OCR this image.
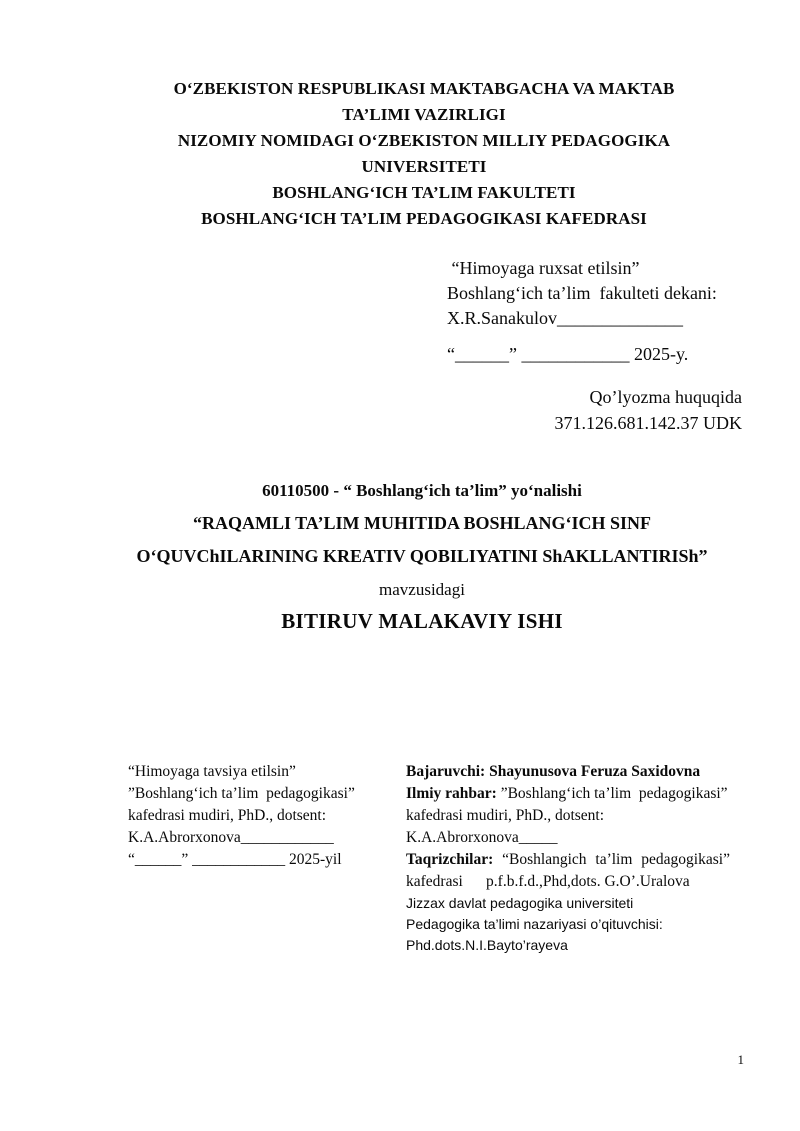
OʻZBEKISTON RESPUBLIKASI MAKTABGACHA VA MAKTAB
TA’LIMI VAZIRLIGI
NIZOMIY NOMIDAGI OʻZBEKISTON MILLIY PEDAGOGIKA
UNIVERSITETI
BOSHLANGʻICH TA’LIM FAKULTETI
BOSHLANGʻICH TA’LIM PEDAGOGIKASI KAFEDRASI
“Himoyaga ruxsat etilsin”
Boshlangʻich ta’lim  fakulteti dekani:
X.R.Sanakulov______________
“______” ____________ 2025-y.
Qo’lyozma huquqida
371.126.681.142.37 UDK
60110500 - “ Boshlangʻich ta’lim” yoʻnalishi
“RAQAMLI TA’LIM MUHITIDA BOSHLANGʻICH SINF
OʻQUVChILARINING KREATIV QOBILIYATINI ShAKLLANTIRISh”
mavzusidagi
BITIRUV MALAKAVIY ISHI
“Himoyaga tavsiya etilsin”
”Boshlangʻich ta’lim  pedagogikasi”
kafedrasi mudiri, PhD., dotsent:
K.A.Abrorxonova____________
“______” ____________ 2025-yil
Bajaruvchi: Shayunusova Feruza Saxidovna
Ilmiy rahbar: ”Boshlangʻich ta’lim  pedagogikasi”
kafedrasi mudiri, PhD., dotsent:
K.A.Abrorxonova_____
Taqrizchilar: “Boshlangich ta’lim pedagogikasi”
kafedrasi      p.f.b.f.d.,Phd,dots. G.O’.Uralova
Jizzax davlat pedagogika universiteti
Pedagogika ta’limi nazariyasi o’qituvchisi:
Phd.dots.N.I.Bayto’rayeva
1
